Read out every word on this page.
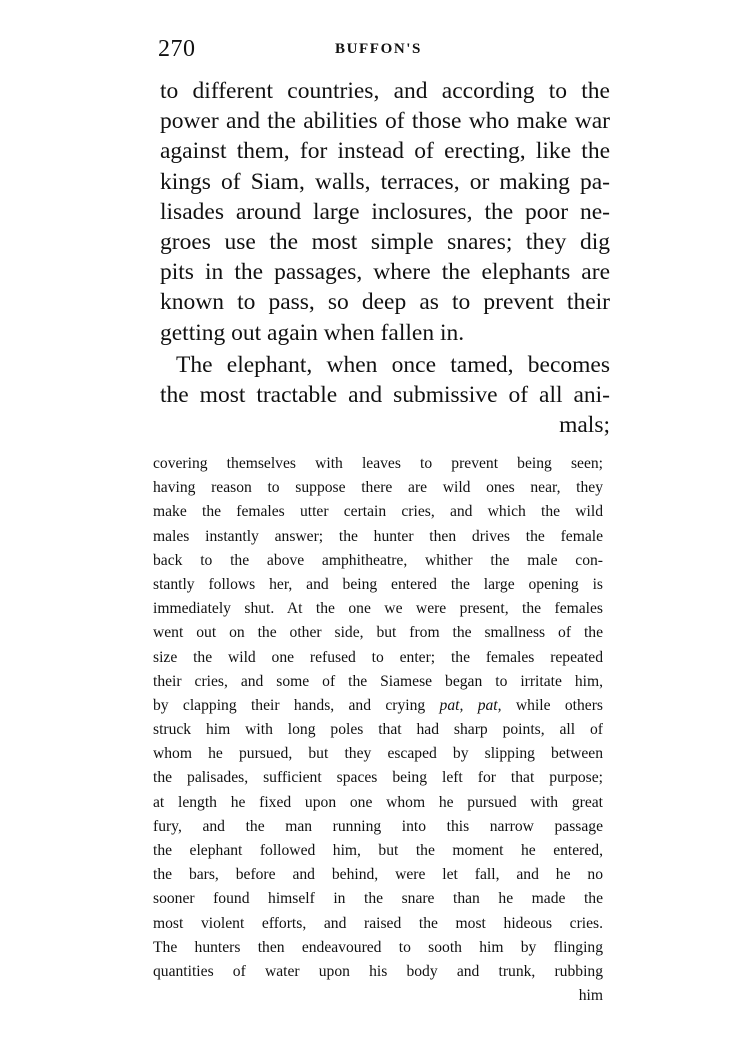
270	BUFFON'S
to different countries, and according to the
power and the abilities of those who make war
against them, for instead of erecting, like the
kings of Siam, walls, terraces, or making pa-
lisades around large inclosures, the poor ne-
groes use the most simple snares; they dig
pits in the passages, where the elephants are
known to pass, so deep as to prevent their
getting out again when fallen in.
The elephant, when once tamed, becomes
the most tractable and submissive of all ani-
mals;
covering themselves with leaves to prevent being seen;
having reason to suppose there are wild ones near, they
make the females utter certain cries, and which the wild
males instantly answer; the hunter then drives the female
back to the above amphitheatre, whither the male con-
stantly follows her, and being entered the large opening is
immediately shut. At the one we were present, the females
went out on the other side, but from the smallness of the
size the wild one refused to enter; the females repeated
their cries, and some of the Siamese began to irritate him,
by clapping their hands, and crying pat, pat, while others
struck him with long poles that had sharp points, all of
whom he pursued, but they escaped by slipping between
the palisades, sufficient spaces being left for that purpose;
at length he fixed upon one whom he pursued with great
fury, and the man running into this narrow passage
the elephant followed him, but the moment he entered,
the bars, before and behind, were let fall, and he no
sooner found himself in the snare than he made the
most violent efforts, and raised the most hideous cries.
The hunters then endeavoured to sooth him by flinging
quantities of water upon his body and trunk, rubbing
him
